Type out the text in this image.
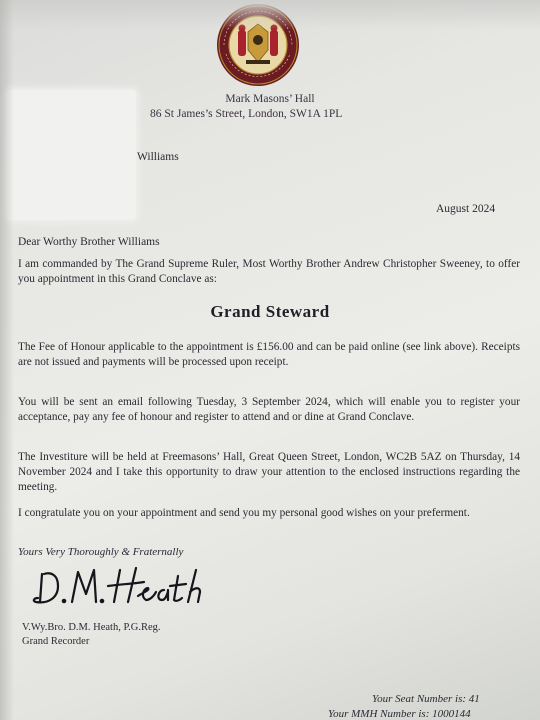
Mark Masons’ Hall

86 St James’s Street, London, SW1A 1PL
Williams
August 2024
Dear Worthy Brother Williams
I am commanded by The Grand Supreme Ruler, Most Worthy Brother Andrew Christopher Sweeney, to offer you appointment in this Grand Conclave as:
Grand Steward
The Fee of Honour applicable to the appointment is £156.00 and can be paid online (see link above). Receipts are not issued and payments will be processed upon receipt.
You will be sent an email following Tuesday, 3 September 2024, which will enable you to register your acceptance, pay any fee of honour and register to attend and or dine at Grand Conclave.
The Investiture will be held at Freemasons’ Hall, Great Queen Street, London, WC2B 5AZ on Thursday, 14 November 2024 and I take this opportunity to draw your attention to the enclosed instructions regarding the meeting.
I congratulate you on your appointment and send you my personal good wishes on your preferment.
Yours Very Thoroughly & Fraternally
V.Wy.Bro. D.M. Heath, P.G.Reg.
Grand Recorder
Your Seat Number is: 41
Your MMH Number is: 1000144
